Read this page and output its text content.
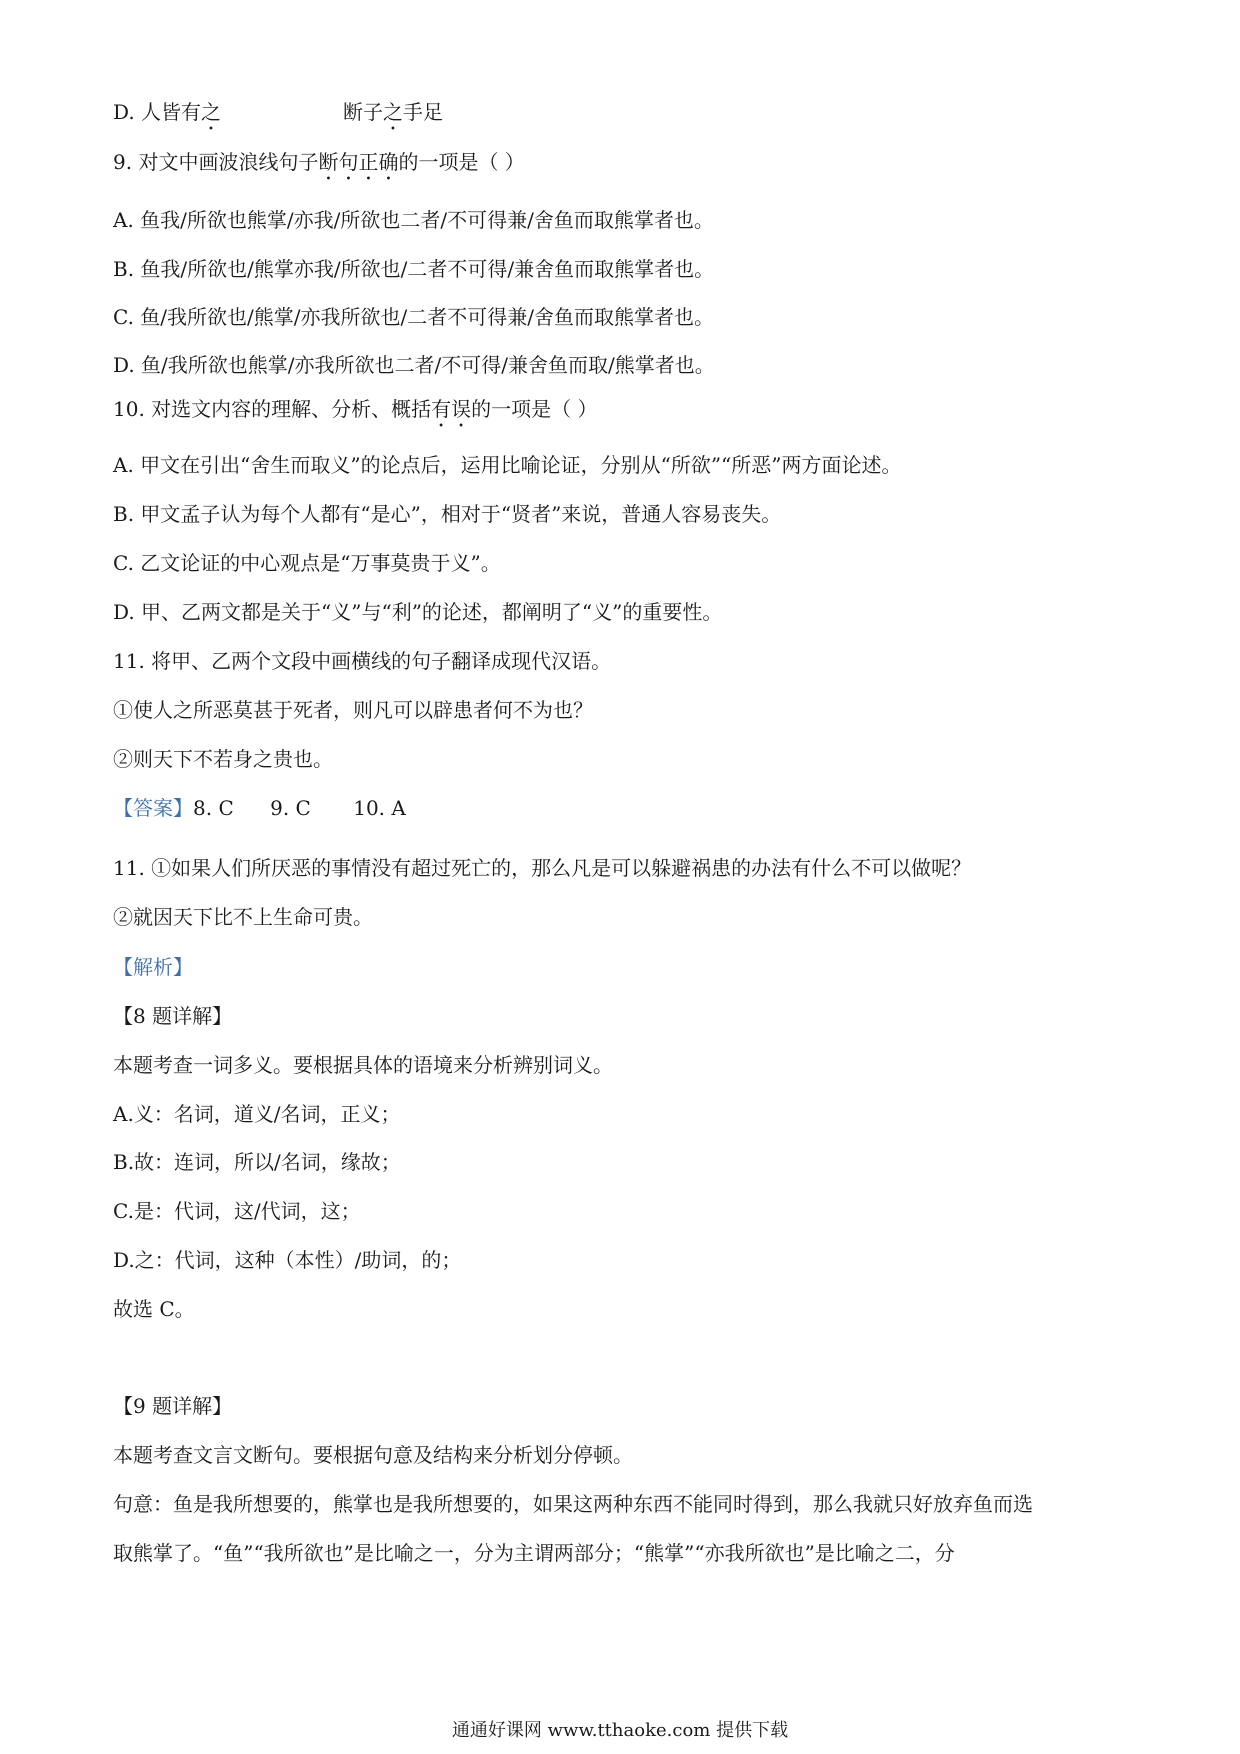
D. 人皆有之	断子之手足
9. 对文中画波浪线句子断句正确的一项是（ ）
A. 鱼我/所欲也熊掌/亦我/所欲也二者/不可得兼/舍鱼而取熊掌者也。
B. 鱼我/所欲也/熊掌亦我/所欲也/二者不可得/兼舍鱼而取熊掌者也。
C. 鱼/我所欲也/熊掌/亦我所欲也/二者不可得兼/舍鱼而取熊掌者也。
D. 鱼/我所欲也熊掌/亦我所欲也二者/不可得/兼舍鱼而取/熊掌者也。
10. 对选文内容的理解、分析、概括有误的一项是（ ）
A. 甲文在引出“舍生而取义”的论点后，运用比喻论证，分别从“所欲”“所恶”两方面论述。
B. 甲文孟子认为每个人都有“是心”，相对于“贤者”来说，普通人容易丧失。
C. 乙文论证的中心观点是“万事莫贵于义”。
D. 甲、乙两文都是关于“义”与“利”的论述，都阐明了“义”的重要性。
11. 将甲、乙两个文段中画横线的句子翻译成现代汉语。
①使人之所恶莫甚于死者，则凡可以辟患者何不为也？
②则天下不若身之贵也。
【答案】8. C 9. C 10. A
11. ①如果人们所厌恶的事情没有超过死亡的，那么凡是可以躲避祸患的办法有什么不可以做呢？
②就因天下比不上生命可贵。
【解析】
【8 题详解】
本题考查一词多义。要根据具体的语境来分析辨别词义。
A.义：名词，道义/名词，正义；
B.故：连词，所以/名词，缘故；
C.是：代词，这/代词，这；
D.之：代词，这种（本性）/助词，的；
故选 C。
【9 题详解】
本题考查文言文断句。要根据句意及结构来分析划分停顿。
句意：鱼是我所想要的，熊掌也是我所想要的，如果这两种东西不能同时得到，那么我就只好放弃鱼而选
取熊掌了。“鱼”“我所欲也”是比喻之一，分为主谓两部分；“熊掌”“亦我所欲也”是比喻之二，分
通通好课网 www.tthaoke.com 提供下载
